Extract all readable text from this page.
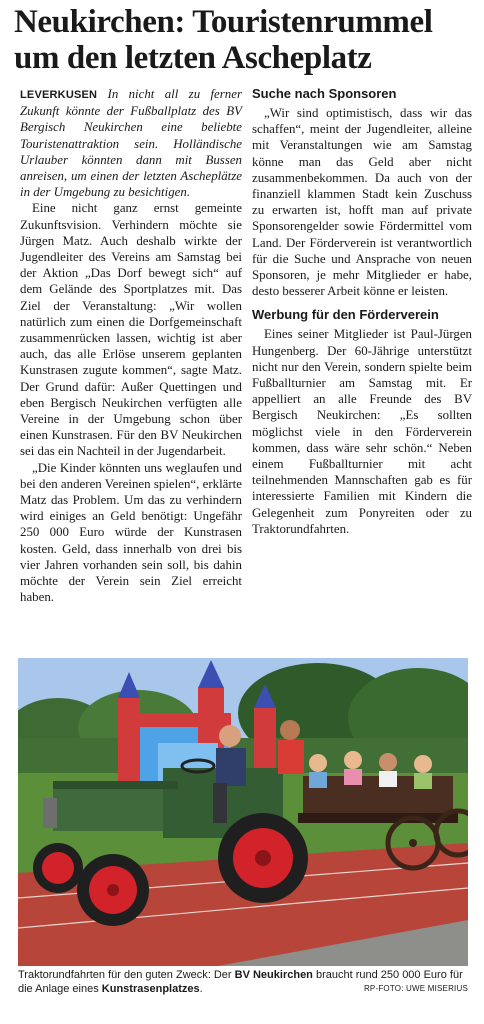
Neukirchen: Touristenrummel
um den letzten Ascheplatz

LEVERKUSEN In nicht all zu ferner Zukunft könnte der Fußballplatz des BV Bergisch Neukirchen eine beliebte Touristenattraktion sein. Holländische Urlauber könnten dann mit Bussen anreisen, um einen der letzten Ascheplätze in der Umgebung zu besichtigen.

Eine nicht ganz ernst gemeinte Zukunftsvision. Verhindern möchte sie Jürgen Matz. Auch deshalb wirkte der Jugendleiter des Vereins am Samstag bei der Aktion „Das Dorf bewegt sich“ auf dem Gelände des Sportplatzes mit. Das Ziel der Veranstaltung: „Wir wollen natürlich zum einen die Dorfgemeinschaft zusammenrücken lassen, wichtig ist aber auch, das alle Erlöse unserem geplanten Kunstrasen zugute kommen“, sagte Matz. Der Grund dafür: Außer Quettingen und eben Bergisch Neukirchen verfügten alle Vereine in der Umgebung schon über einen Kunstrasen. Für den BV Neukirchen sei das ein Nachteil in der Jugendarbeit.

„Die Kinder könnten uns weglaufen und bei den anderen Vereinen spielen“, erklärte Matz das Problem. Um das zu verhindern wird einiges an Geld benötigt: Ungefähr 250 000 Euro würde der Kunstrasen kosten. Geld, dass innerhalb von drei bis vier Jahren vorhanden sein soll, bis dahin möchte der Verein sein Ziel erreicht haben.

Suche nach Sponsoren

„Wir sind optimistisch, dass wir das schaffen“, meint der Jugendleiter, alleine mit Veranstaltungen wie am Samstag könne man das Geld aber nicht zusammenbekommen. Da auch von der finanziell klammen Stadt kein Zuschuss zu erwarten ist, hofft man auf private Sponsorengelder sowie Fördermittel vom Land. Der Förderverein ist verantwortlich für die Suche und Ansprache von neuen Sponsoren, je mehr Mitglieder er habe, desto besserer Arbeit könne er leisten.

Werbung für den Förderverein

Eines seiner Mitglieder ist Paul-Jürgen Hungenberg. Der 60-Jährige unterstützt nicht nur den Verein, sondern spielte beim Fußballturnier am Samstag mit. Er appelliert an alle Freunde des BV Bergisch Neukirchen: „Es sollten möglichst viele in den Förderverein kommen, dass wäre sehr schön.“ Neben einem Fußballturnier mit acht teilnehmenden Mannschaften gab es für interessierte Familien mit Kindern die Gelegenheit zum Ponyreiten oder zu Traktorundfahrten.

Traktorundfahrten für den guten Zweck: Der BV Neukirchen braucht rund 250 000 Euro für die Anlage eines Kunstrasenplatzes.	RP-FOTO: UWE MISERIUS
